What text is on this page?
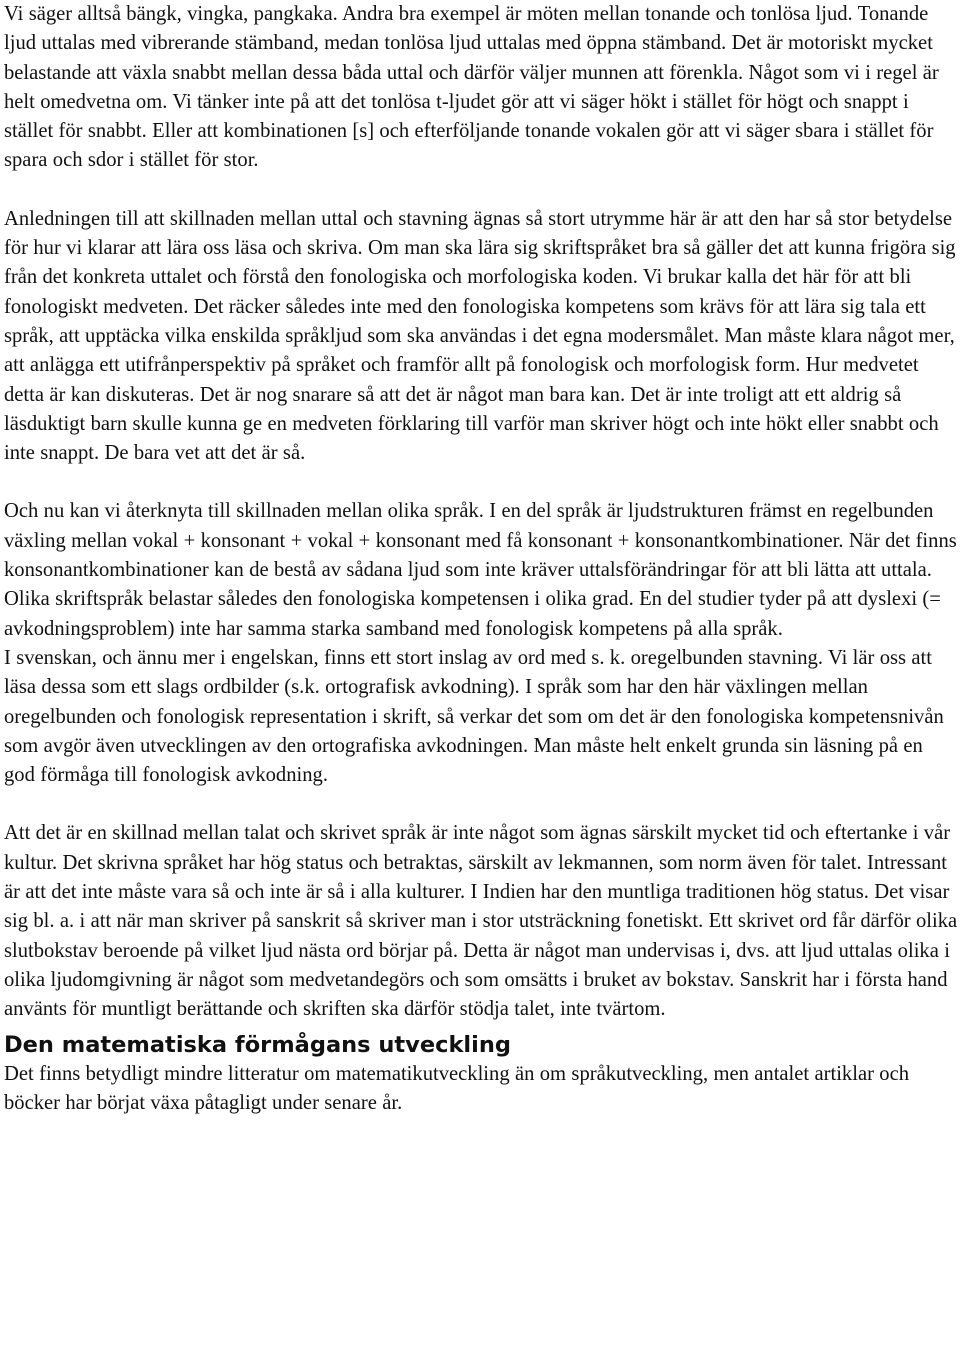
Vi säger alltså bängk, vingka, pangkaka. Andra bra exempel är möten mellan tonande och tonlösa ljud. Tonande ljud uttalas med vibrerande stämband, medan tonlösa ljud uttalas med öppna stämband. Det är motoriskt mycket belastande att växla snabbt mellan dessa båda uttal och därför väljer munnen att förenkla. Något som vi i regel är helt omedvetna om. Vi tänker inte på att det tonlösa t-ljudet gör att vi säger hökt i stället för högt och snappt i stället för snabbt. Eller att kombinationen [s] och efterföljande tonande vokalen gör att vi säger sbara i stället för spara och sdor i stället för stor.

Anledningen till att skillnaden mellan uttal och stavning ägnas så stort utrymme här är att den har så stor betydelse för hur vi klarar att lära oss läsa och skriva. Om man ska lära sig skriftspråket bra så gäller det att kunna frigöra sig från det konkreta uttalet och förstå den fonologiska och morfologiska koden. Vi brukar kalla det här för att bli fonologiskt medveten. Det räcker således inte med den fonologiska kompetens som krävs för att lära sig tala ett språk, att upptäcka vilka enskilda språkljud som ska användas i det egna modersmålet. Man måste klara något mer, att anlägga ett utifrånperspektiv på språket och framför allt på fonologisk och morfologisk form. Hur medvetet detta är kan diskuteras. Det är nog snarare så att det är något man bara kan. Det är inte troligt att ett aldrig så läsduktigt barn skulle kunna ge en medveten förklaring till varför man skriver högt och inte hökt eller snabbt och inte snappt. De bara vet att det är så.

Och nu kan vi återknyta till skillnaden mellan olika språk. I en del språk är ljudstrukturen främst en regelbunden växling mellan vokal + konsonant + vokal + konsonant med få konsonant + konsonantkombinationer. När det finns konsonantkombinationer kan de bestå av sådana ljud som inte kräver uttalsförändringar för att bli lätta att uttala. Olika skriftspråk belastar således den fonologiska kompetensen i olika grad. En del studier tyder på att dyslexi (= avkodningsproblem) inte har samma starka samband med fonologisk kompetens på alla språk.

I svenskan, och ännu mer i engelskan, finns ett stort inslag av ord med s. k. oregelbunden stavning. Vi lär oss att läsa dessa som ett slags ordbilder (s.k. ortografisk avkodning). I språk som har den här växlingen mellan oregelbunden och fonologisk representation i skrift, så verkar det som om det är den fonologiska kompetensnivån som avgör även utvecklingen av den ortografiska avkodningen. Man måste helt enkelt grunda sin läsning på en god förmåga till fonologisk avkodning.

Att det är en skillnad mellan talat och skrivet språk är inte något som ägnas särskilt mycket tid och eftertanke i vår kultur. Det skrivna språket har hög status och betraktas, särskilt av lekmannen, som norm även för talet. Intressant är att det inte måste vara så och inte är så i alla kulturer. I Indien har den muntliga traditionen hög status. Det visar sig bl. a. i att när man skriver på sanskrit så skriver man i stor utsträckning fonetiskt. Ett skrivet ord får därför olika slutbokstav beroende på vilket ljud nästa ord börjar på. Detta är något man undervisas i, dvs. att ljud uttalas olika i olika ljudomgivning är något som medvetandegörs och som omsätts i bruket av bokstav. Sanskrit har i första hand använts för muntligt berättande och skriften ska därför stödja talet, inte tvärtom.

Den matematiska förmågans utveckling

Det finns betydligt mindre litteratur om matematikutveckling än om språkutveckling, men antalet artiklar och böcker har börjat växa påtagligt under senare år.
